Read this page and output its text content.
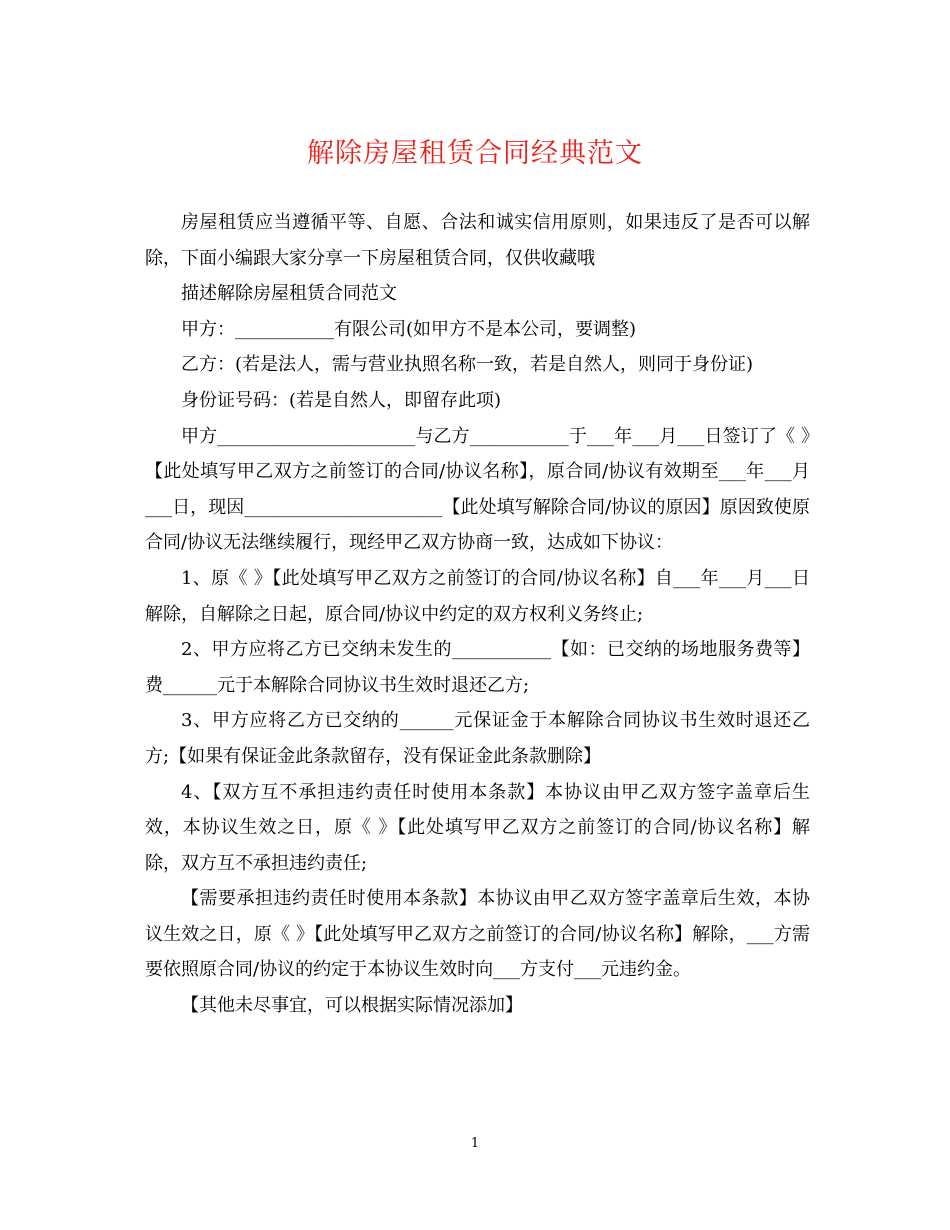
解除房屋租赁合同经典范文

房屋租赁应当遵循平等、自愿、合法和诚实信用原则，如果违反了是否可以解除，下面小编跟大家分享一下房屋租赁合同，仅供收藏哦

描述解除房屋租赁合同范文

甲方：___________有限公司(如甲方不是本公司，要调整)

乙方：(若是法人，需与营业执照名称一致，若是自然人，则同于身份证)

身份证号码：(若是自然人，即留存此项)

甲方______________________与乙方___________于___年___月___日签订了《 》【此处填写甲乙双方之前签订的合同/协议名称】，原合同/协议有效期至___年___月___日，现因______________________【此处填写解除合同/协议的原因】原因致使原合同/协议无法继续履行，现经甲乙双方协商一致，达成如下协议：

1、原《 》【此处填写甲乙双方之前签订的合同/协议名称】自___年___月___日解除，自解除之日起，原合同/协议中约定的双方权利义务终止;

2、甲方应将乙方已交纳未发生的___________【如：已交纳的场地服务费等】费______元于本解除合同协议书生效时退还乙方;

3、甲方应将乙方已交纳的______元保证金于本解除合同协议书生效时退还乙方;【如果有保证金此条款留存，没有保证金此条款删除】

4、【双方互不承担违约责任时使用本条款】本协议由甲乙双方签字盖章后生效，本协议生效之日，原《 》【此处填写甲乙双方之前签订的合同/协议名称】解除，双方互不承担违约责任;

【需要承担违约责任时使用本条款】本协议由甲乙双方签字盖章后生效，本协议生效之日，原《 》【此处填写甲乙双方之前签订的合同/协议名称】解除，___方需要依照原合同/协议的约定于本协议生效时向___方支付___元违约金。

【其他未尽事宜，可以根据实际情况添加】

1
